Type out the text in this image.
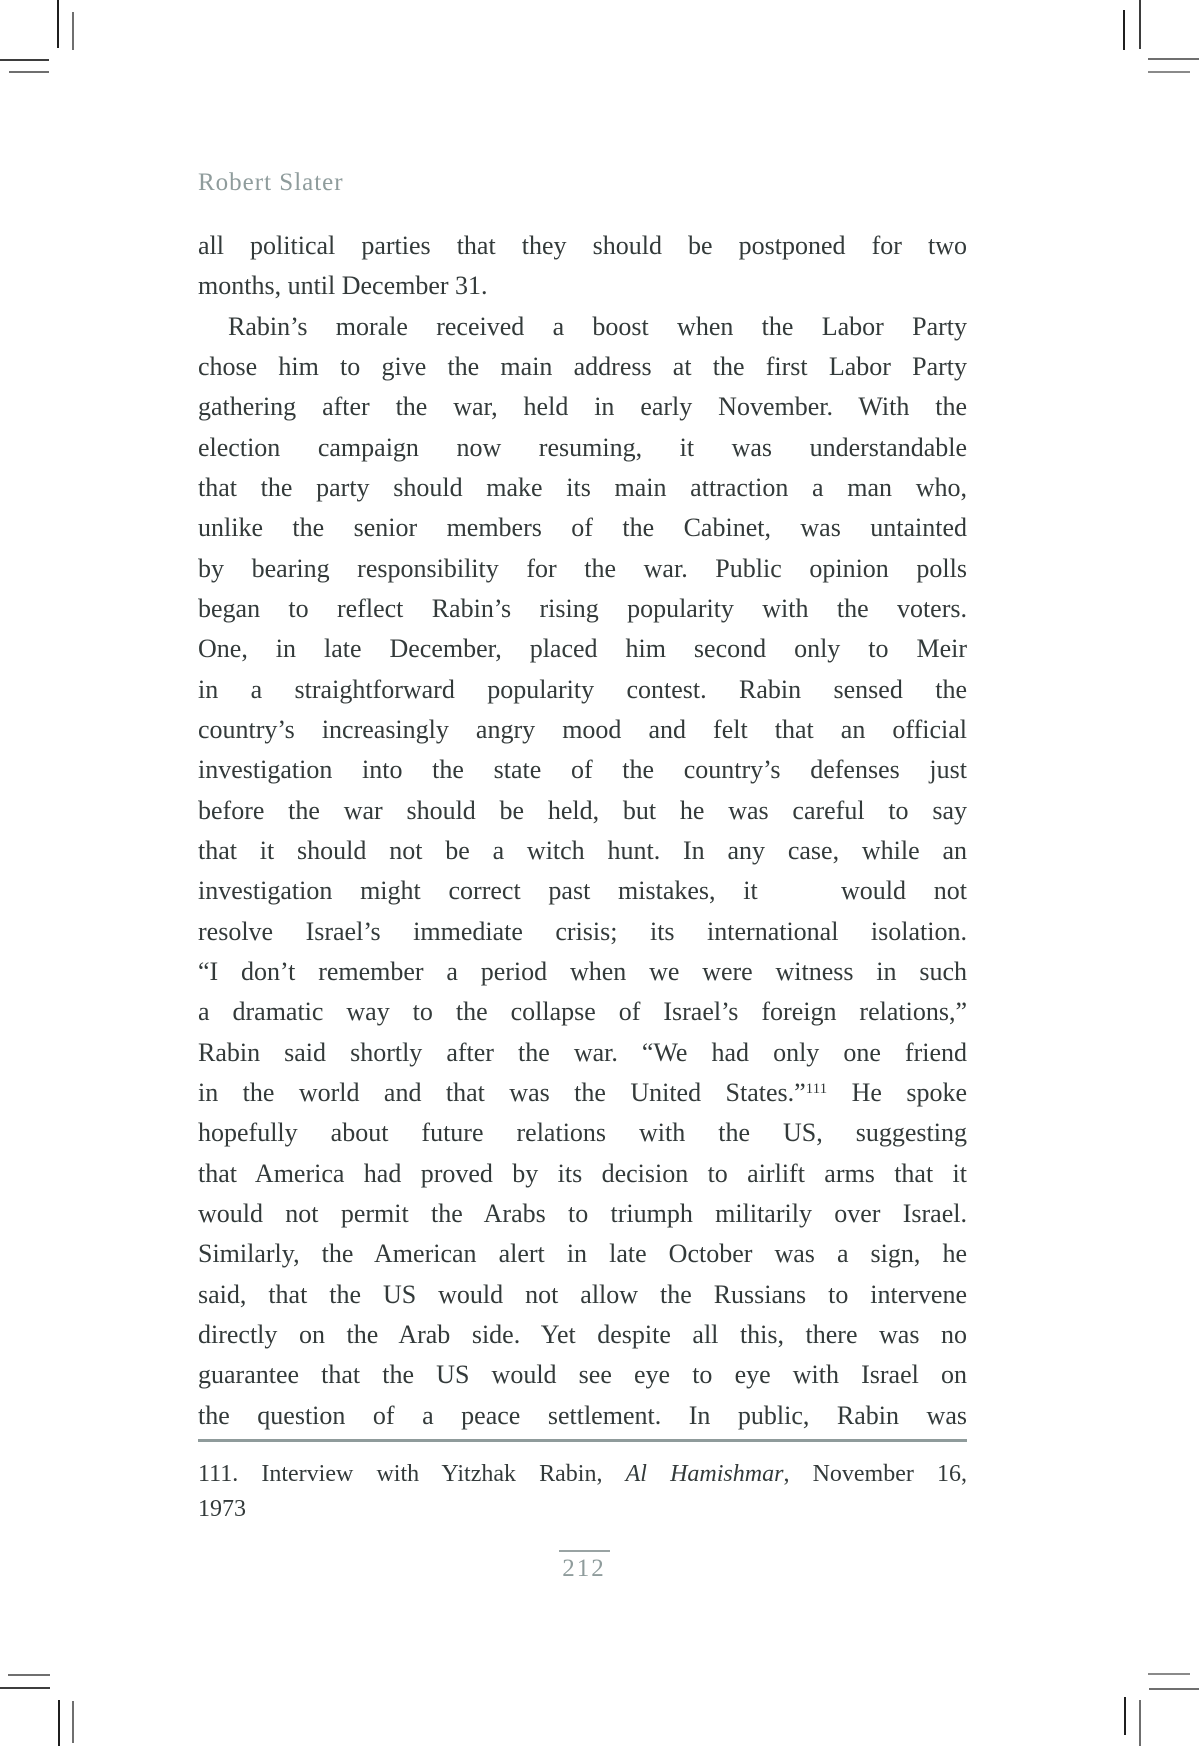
Robert Slater
all political parties that they should be postponed for two
months, until December 31.
Rabin’s morale received a boost when the Labor Party
chose him to give the main address at the first Labor Party
gathering after the war, held in early November. With the
election campaign now resuming, it was understandable
that the party should make its main attraction a man who,
unlike the senior members of the Cabinet, was untainted
by bearing responsibility for the war. Public opinion polls
began to reflect Rabin’s rising popularity with the voters.
One, in late December, placed him second only to Meir
in a straightforward popularity contest. Rabin sensed the
country’s increasingly angry mood and felt that an official
investigation into the state of the country’s defenses just
before the war should be held, but he was careful to say
that it should not be a witch hunt. In any case, while an
investigation might correct past mistakes, it   would not
resolve Israel’s immediate crisis; its international isolation.
“I don’t remember a period when we were witness in such
a dramatic way to the collapse of Israel’s foreign relations,”
Rabin said shortly after the war. “We had only one friend
in the world and that was the United States.”$^{111}$ He spoke
hopefully about future relations with the US, suggesting
that America had proved by its decision to airlift arms that it
would not permit the Arabs to triumph militarily over Israel.
Similarly, the American alert in late October was a sign, he
said, that the US would not allow the Russians to intervene
directly on the Arab side. Yet despite all this, there was no
guarantee that the US would see eye to eye with Israel on
the question of a peace settlement. In public, Rabin was
111. Interview with Yitzhak Rabin, Al Hamishmar, November 16,
1973
212
